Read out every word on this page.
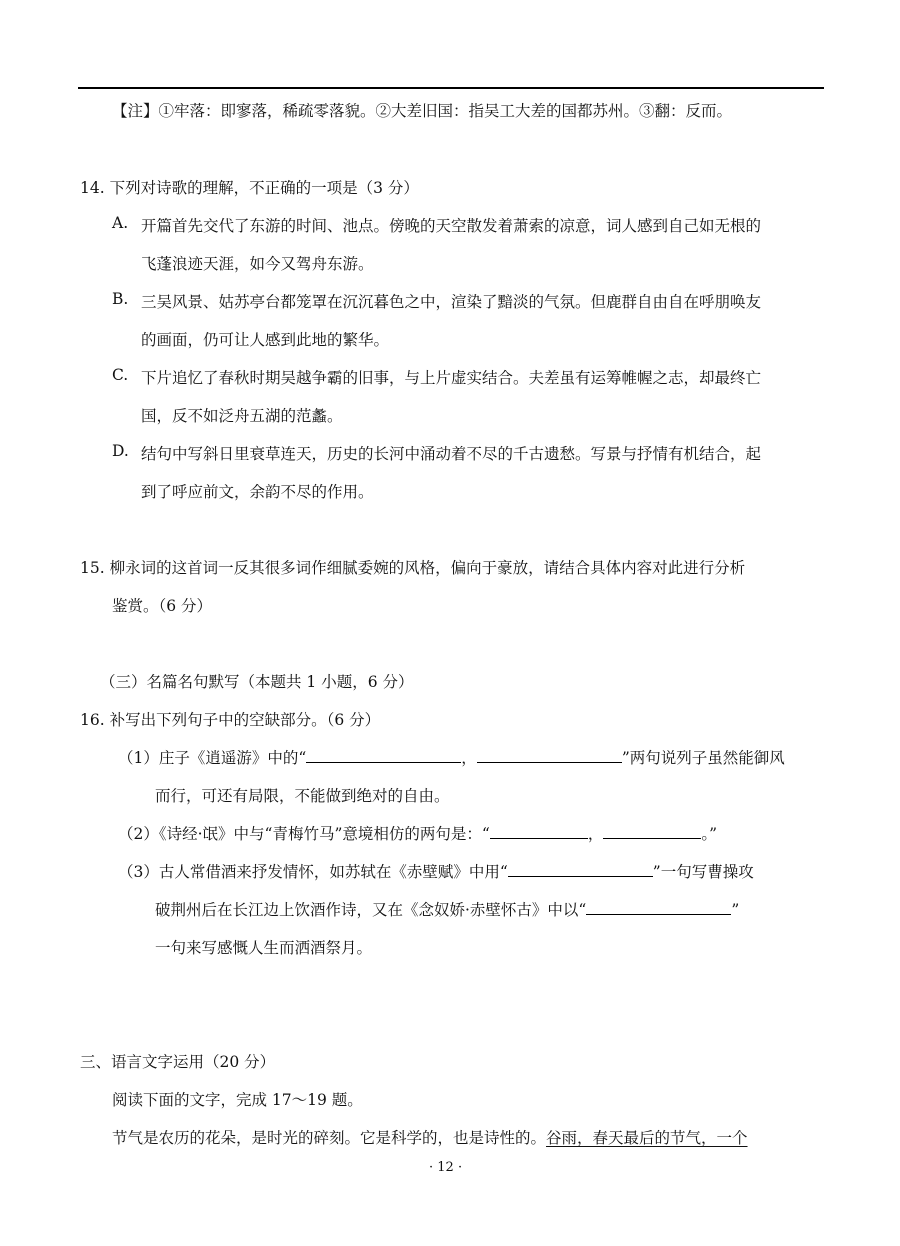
【注】①牢落：即寥落，稀疏零落貌。②大差旧国：指吴工大差的国都苏州。③翻：反而。
14. 下列对诗歌的理解，不正确的一项是（3 分）
A. 开篇首先交代了东游的时间、池点。傍晚的天空散发着萧索的凉意，词人感到自己如无根的
飞蓬浪迹天涯，如今又驾舟东游。
B. 三吴风景、姑苏亭台都笼罩在沉沉暮色之中，渲染了黯淡的气氛。但鹿群自由自在呼朋唤友
的画面，仍可让人感到此地的繁华。
C. 下片追忆了春秋时期吴越争霸的旧事，与上片虚实结合。夫差虽有运筹帷幄之志，却最终亡
国，反不如泛舟五湖的范蠡。
D. 结句中写斜日里衰草连天，历史的长河中涌动着不尽的千古遗愁。写景与抒情有机结合，起
到了呼应前文，余韵不尽的作用。
15. 柳永词的这首词一反其很多词作细腻委婉的风格，偏向于豪放，请结合具体内容对此进行分析
鉴赏。（6 分）
（三）名篇名句默写（本题共 1 小题，6 分）
16. 补写出下列句子中的空缺部分。（6 分）
（1）庄子《逍遥游》中的“	，	”两句说列子虽然能御风
而行，可还有局限，不能做到绝对的自由。
（2）《诗经·氓》中与“青梅竹马”意境相仿的两句是：“	，	。”
（3）古人常借酒来抒发情怀，如苏轼在《赤壁赋》中用“	”一句写曹操攻
破荆州后在长江边上饮酒作诗，又在《念奴娇·赤壁怀古》中以“	”
一句来写感慨人生而洒酒祭月。
三、语言文字运用（20 分）
阅读下面的文字，完成 17～19 题。
节气是农历的花朵，是时光的碎刻。它是科学的，也是诗性的。谷雨，春天最后的节气，一个
· 12 ·
